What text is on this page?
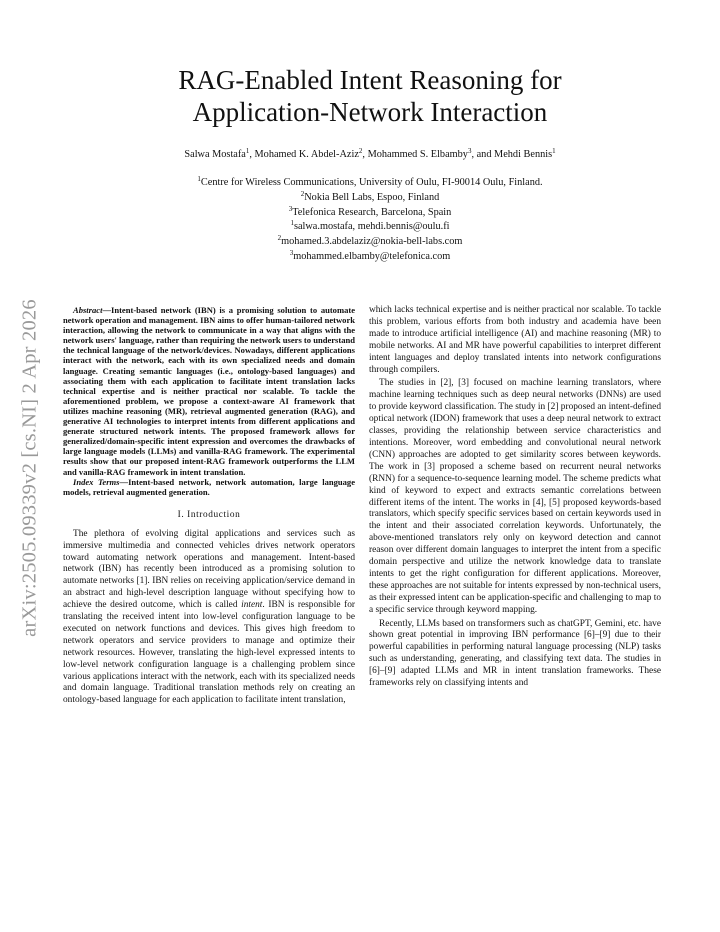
arXiv:2505.09339v2 [cs.NI] 2 Apr 2026
RAG-Enabled Intent Reasoning for
Application-Network Interaction
Salwa Mostafa$^1$, Mohamed K. Abdel-Aziz$^2$, Mohammed S. Elbamby$^3$, and Mehdi Bennis$^1$
$^1$Centre for Wireless Communications, University of Oulu, FI-90014 Oulu, Finland.
$^2$Nokia Bell Labs, Espoo, Finland
$^3$Telefonica Research, Barcelona, Spain
$^1$salwa.mostafa, mehdi.bennis@oulu.fi
$^2$mohamed.3.abdelaziz@nokia-bell-labs.com
$^3$mohammed.elbamby@telefonica.com

Abstract—Intent-based network (IBN) is a promising solution to automate network operation and management. IBN aims to offer human-tailored network interaction, allowing the network to communicate in a way that aligns with the network users' language, rather than requiring the network users to understand the technical language of the network/devices. Nowadays, different applications interact with the network, each with its own specialized needs and domain language. Creating semantic languages (i.e., ontology-based languages) and associating them with each application to facilitate intent translation lacks technical expertise and is neither practical nor scalable. To tackle the aforementioned problem, we propose a context-aware AI framework that utilizes machine reasoning (MR), retrieval augmented generation (RAG), and generative AI technologies to interpret intents from different applications and generate structured network intents. The proposed framework allows for generalized/domain-specific intent expression and overcomes the drawbacks of large language models (LLMs) and vanilla-RAG framework. The experimental results show that our proposed intent-RAG framework outperforms the LLM and vanilla-RAG framework in intent translation.

Index Terms—Intent-based network, network automation, large language models, retrieval augmented generation.

I. Introduction

The plethora of evolving digital applications and services such as immersive multimedia and connected vehicles drives network operators toward automating network operations and management. Intent-based network (IBN) has recently been introduced as a promising solution to automate networks [1]. IBN relies on receiving application/service demand in an abstract and high-level description language without specifying how to achieve the desired outcome, which is called intent. IBN is responsible for translating the received intent into low-level configuration language to be executed on network functions and devices. This gives high freedom to network operators and service providers to manage and optimize their network resources. However, translating the high-level expressed intents to low-level network configuration language is a challenging problem since various applications interact with the network, each with its specialized needs and domain language. Traditional translation methods rely on creating an ontology-based language for each application to facilitate intent translation,

which lacks technical expertise and is neither practical nor scalable. To tackle this problem, various efforts from both industry and academia have been made to introduce artificial intelligence (AI) and machine reasoning (MR) to mobile networks. AI and MR have powerful capabilities to interpret different intent languages and deploy translated intents into network configurations through compilers.

The studies in [2], [3] focused on machine learning translators, where machine learning techniques such as deep neural networks (DNNs) are used to provide keyword classification. The study in [2] proposed an intent-defined optical network (IDON) framework that uses a deep neural network to extract classes, providing the relationship between service characteristics and intentions. Moreover, word embedding and convolutional neural network (CNN) approaches are adopted to get similarity scores between keywords. The work in [3] proposed a scheme based on recurrent neural networks (RNN) for a sequence-to-sequence learning model. The scheme predicts what kind of keyword to expect and extracts semantic correlations between different items of the intent. The works in [4], [5] proposed keywords-based translators, which specify specific services based on certain keywords used in the intent and their associated correlation keywords. Unfortunately, the above-mentioned translators rely only on keyword detection and cannot reason over different domain languages to interpret the intent from a specific domain perspective and utilize the network knowledge data to translate intents to get the right configuration for different applications. Moreover, these approaches are not suitable for intents expressed by non-technical users, as their expressed intent can be application-specific and challenging to map to a specific service through keyword mapping.

Recently, LLMs based on transformers such as chatGPT, Gemini, etc. have shown great potential in improving IBN performance [6]–[9] due to their powerful capabilities in performing natural language processing (NLP) tasks such as understanding, generating, and classifying text data. The studies in [6]–[9] adapted LLMs and MR in intent translation frameworks. These frameworks rely on classifying intents and
